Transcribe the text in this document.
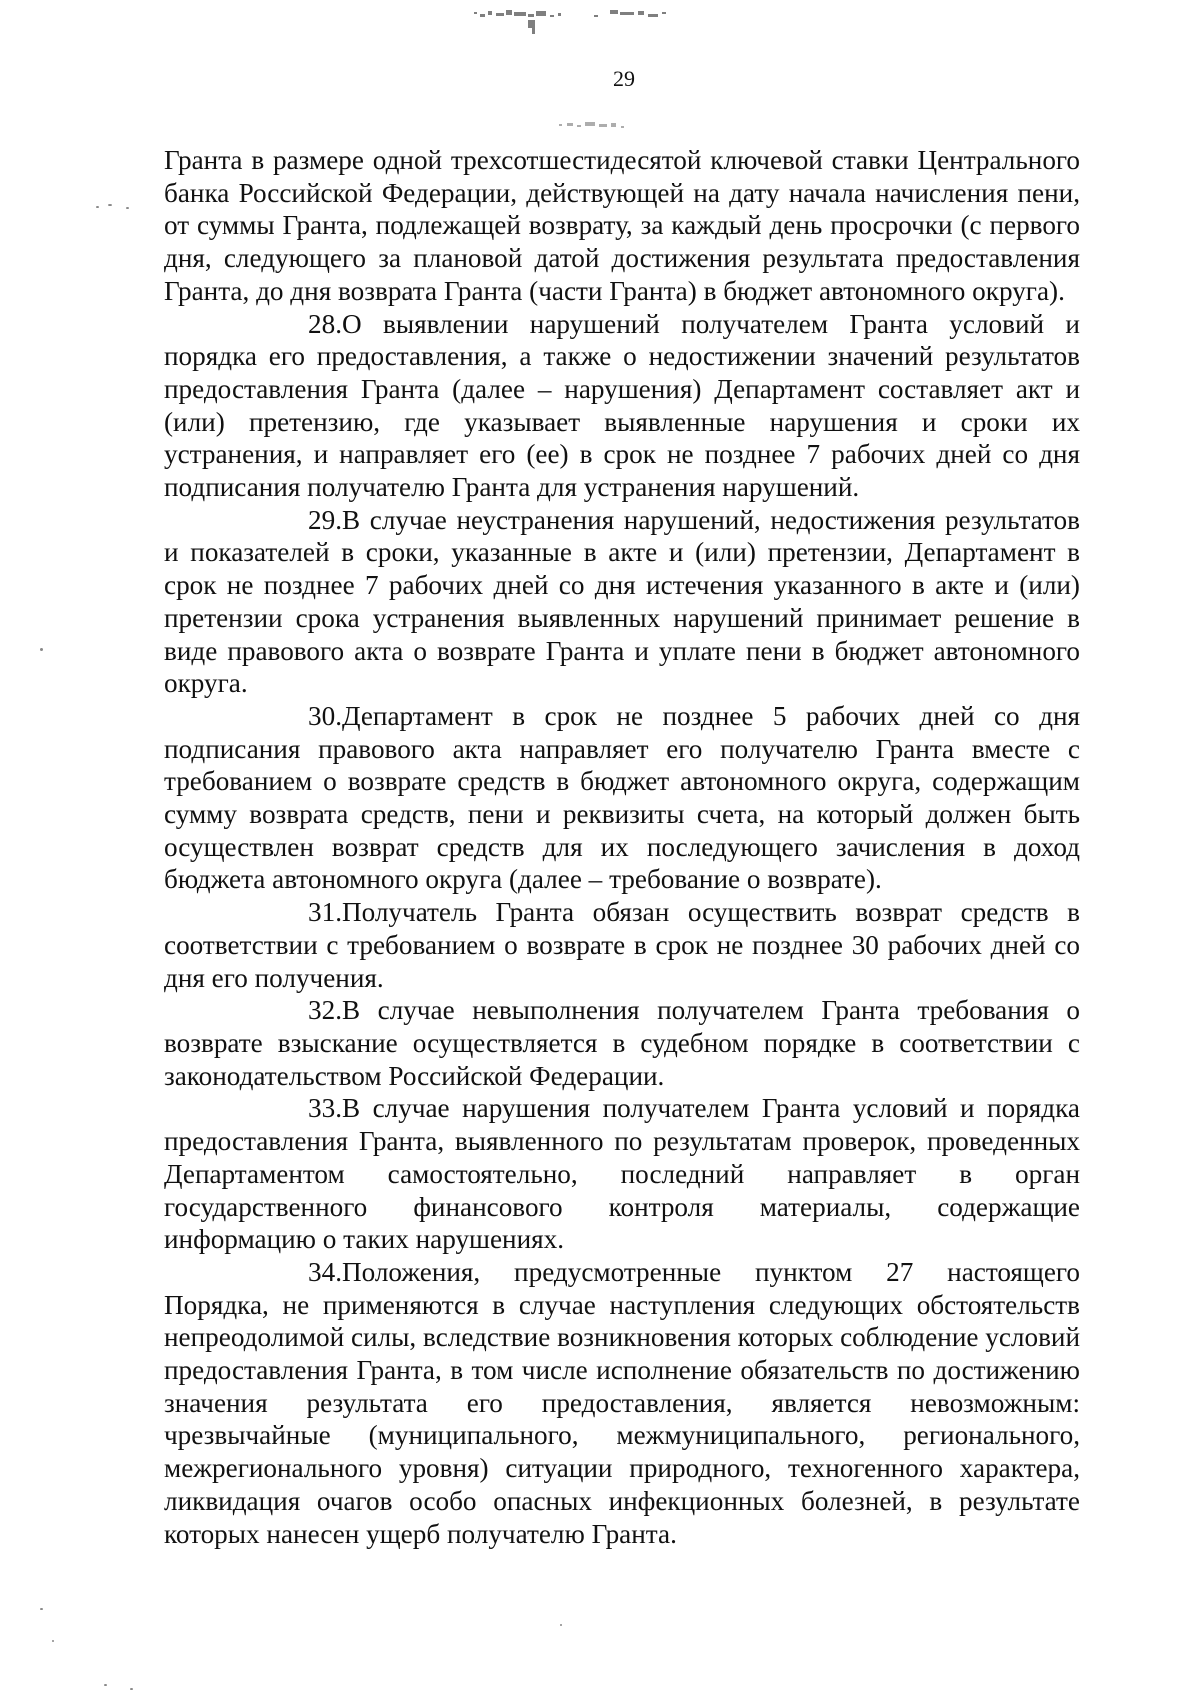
29

Гранта в размере одной трехсотшестидесятой ключевой ставки Центрального банка Российской Федерации, действующей на дату начала начисления пени, от суммы Гранта, подлежащей возврату, за каждый день просрочки (с первого дня, следующего за плановой датой достижения результата предоставления Гранта, до дня возврата Гранта (части Гранта) в бюджет автономного округа).

28.О выявлении нарушений получателем Гранта условий и порядка его предоставления, а также о недостижении значений результатов предоставления Гранта (далее – нарушения) Департамент составляет акт и (или) претензию, где указывает выявленные нарушения и сроки их устранения, и направляет его (ее) в срок не позднее 7 рабочих дней со дня подписания получателю Гранта для устранения нарушений.

29.В случае неустранения нарушений, недостижения результатов и показателей в сроки, указанные в акте и (или) претензии, Департамент в срок не позднее 7 рабочих дней со дня истечения указанного в акте и (или) претензии срока устранения выявленных нарушений принимает решение в виде правового акта о возврате Гранта и уплате пени в бюджет автономного округа.

30.Департамент в срок не позднее 5 рабочих дней со дня подписания правового акта направляет его получателю Гранта вместе с требованием о возврате средств в бюджет автономного округа, содержащим сумму возврата средств, пени и реквизиты счета, на который должен быть осуществлен возврат средств для их последующего зачисления в доход бюджета автономного округа (далее – требование о возврате).

31.Получатель Гранта обязан осуществить возврат средств в соответствии с требованием о возврате в срок не позднее 30 рабочих дней со дня его получения.

32.В случае невыполнения получателем Гранта требования о возврате взыскание осуществляется в судебном порядке в соответствии с законодательством Российской Федерации.

33.В случае нарушения получателем Гранта условий и порядка предоставления Гранта, выявленного по результатам проверок, проведенных Департаментом самостоятельно, последний направляет в орган государственного финансового контроля материалы, содержащие информацию о таких нарушениях.

34.Положения, предусмотренные пунктом 27 настоящего Порядка, не применяются в случае наступления следующих обстоятельств непреодолимой силы, вследствие возникновения которых соблюдение условий предоставления Гранта, в том числе исполнение обязательств по достижению значения результата его предоставления, является невозможным: чрезвычайные (муниципального, межмуниципального, регионального, межрегионального уровня) ситуации природного, техногенного характера, ликвидация очагов особо опасных инфекционных болезней, в результате которых нанесен ущерб получателю Гранта.
